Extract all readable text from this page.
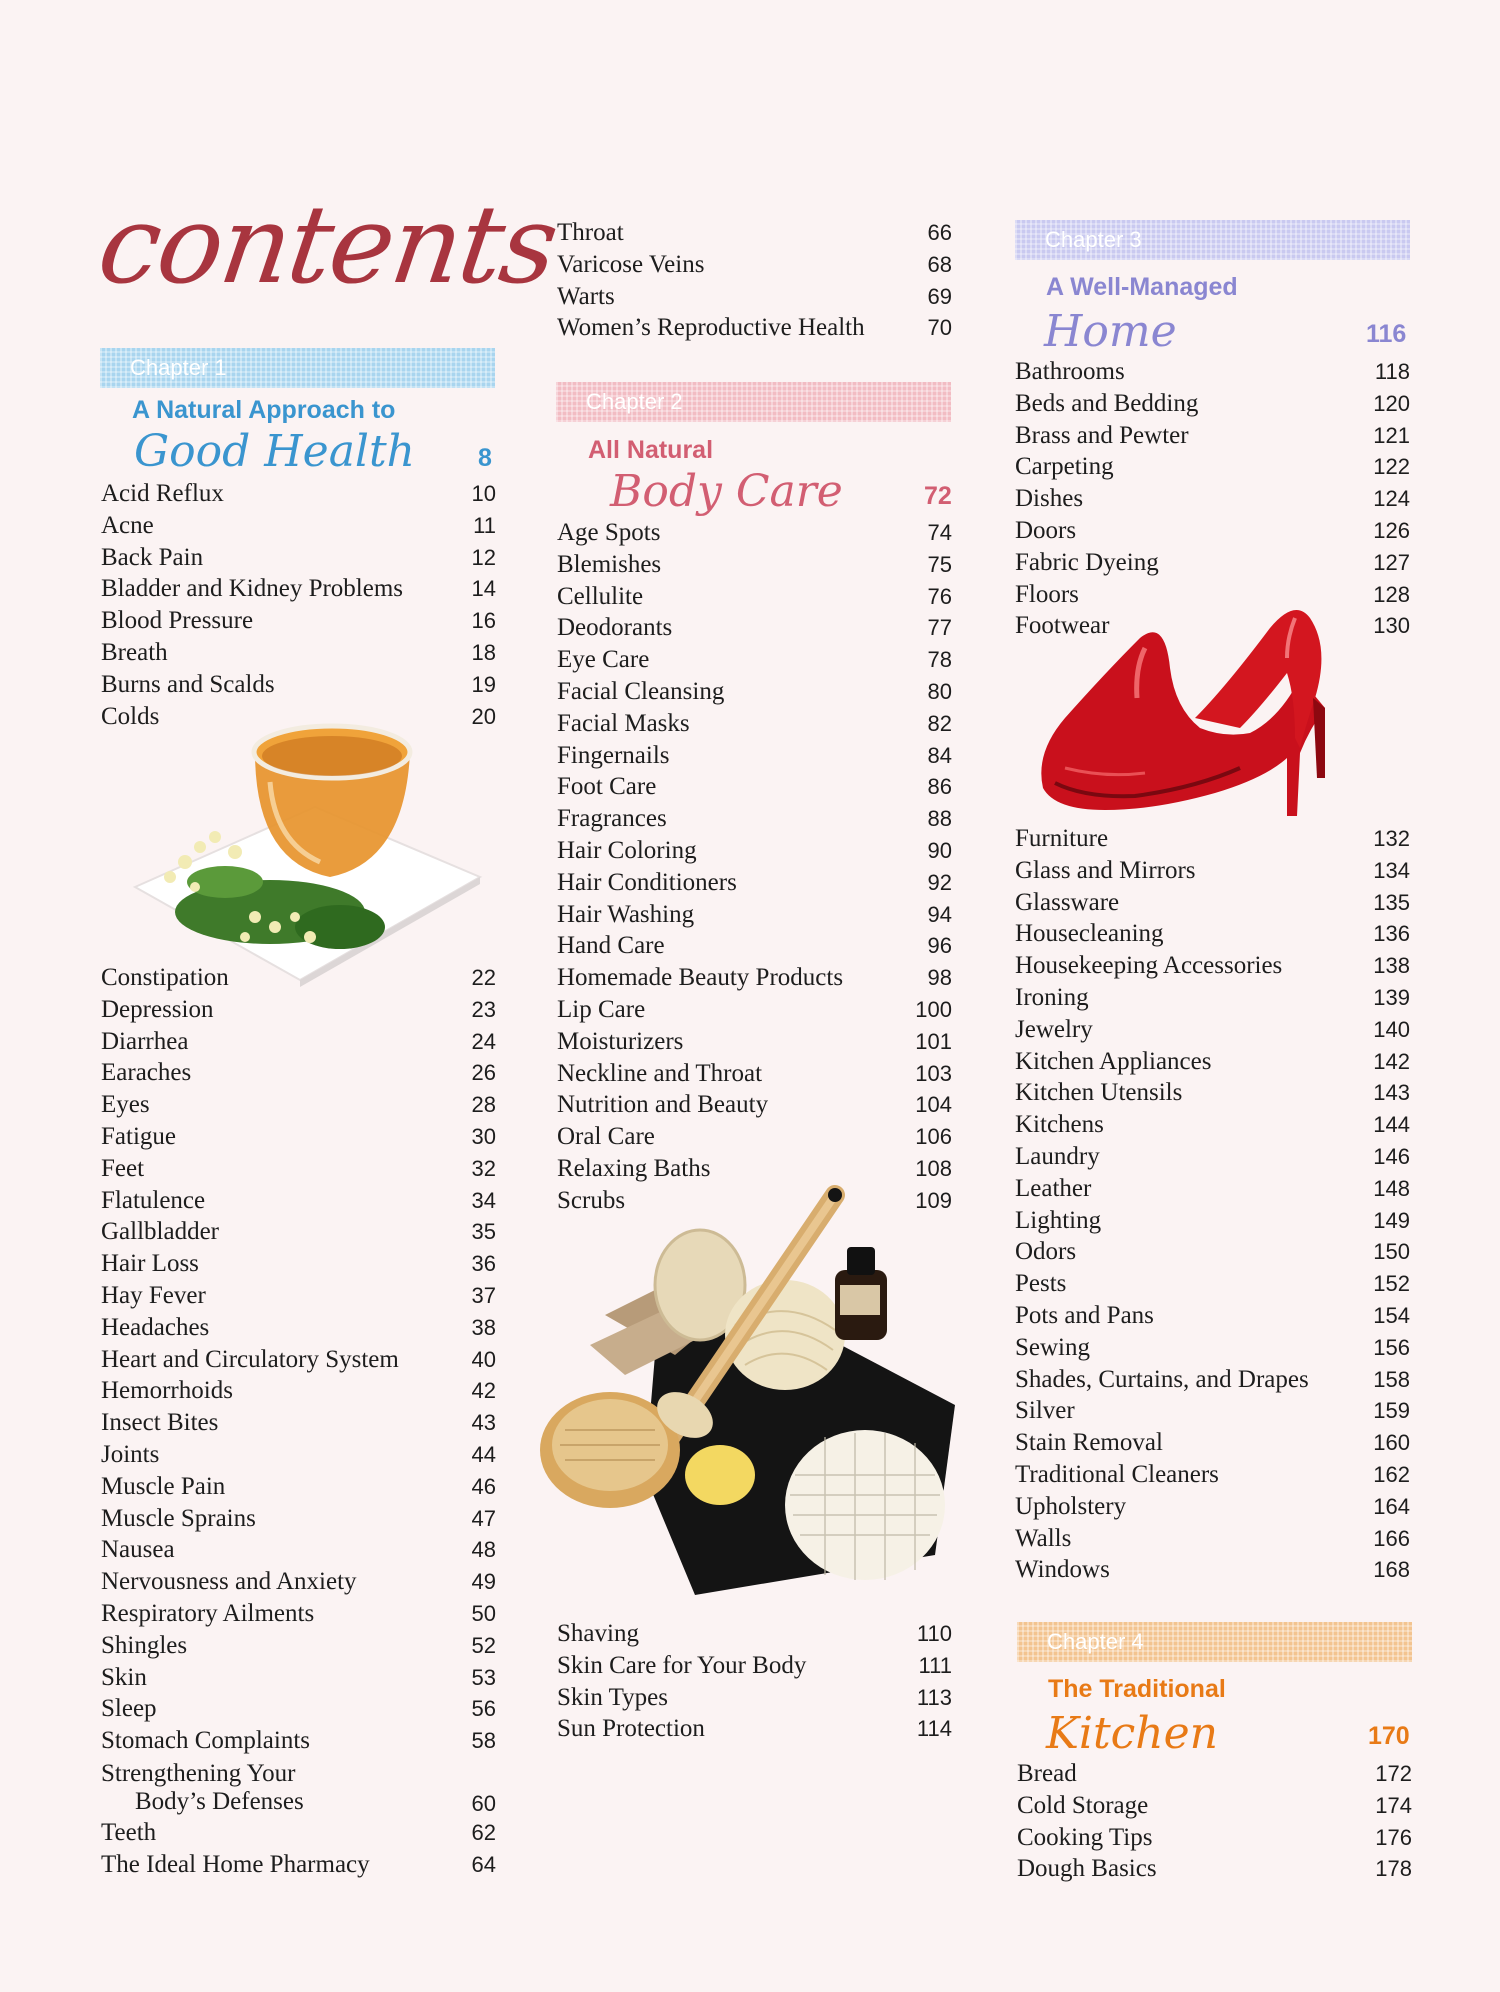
contents
Chapter 1
A Natural Approach to
Good Health	8
Acid Reflux	10
Acne	11
Back Pain	12
Bladder and Kidney Problems	14
Blood Pressure	16
Breath	18
Burns and Scalds	19
Colds	20
Constipation	22
Depression	23
Diarrhea	24
Earaches	26
Eyes	28
Fatigue	30
Feet	32
Flatulence	34
Gallbladder	35
Hair Loss	36
Hay Fever	37
Headaches	38
Heart and Circulatory System	40
Hemorrhoids	42
Insect Bites	43
Joints	44
Muscle Pain	46
Muscle Sprains	47
Nausea	48
Nervousness and Anxiety	49
Respiratory Ailments	50
Shingles	52
Skin	53
Sleep	56
Stomach Complaints	58
Strengthening Your
Body’s Defenses	60
Teeth	62
The Ideal Home Pharmacy	64
Throat	66
Varicose Veins	68
Warts	69
Women’s Reproductive Health	70
Chapter 2
All Natural
Body Care	72
Age Spots	74
Blemishes	75
Cellulite	76
Deodorants	77
Eye Care	78
Facial Cleansing	80
Facial Masks	82
Fingernails	84
Foot Care	86
Fragrances	88
Hair Coloring	90
Hair Conditioners	92
Hair Washing	94
Hand Care	96
Homemade Beauty Products	98
Lip Care	100
Moisturizers	101
Neckline and Throat	103
Nutrition and Beauty	104
Oral Care	106
Relaxing Baths	108
Scrubs	109
Shaving	110
Skin Care for Your Body	111
Skin Types	113
Sun Protection	114
Chapter 3
A Well-Managed
Home	116
Bathrooms	118
Beds and Bedding	120
Brass and Pewter	121
Carpeting	122
Dishes	124
Doors	126
Fabric Dyeing	127
Floors	128
Footwear	130
Furniture	132
Glass and Mirrors	134
Glassware	135
Housecleaning	136
Housekeeping Accessories	138
Ironing	139
Jewelry	140
Kitchen Appliances	142
Kitchen Utensils	143
Kitchens	144
Laundry	146
Leather	148
Lighting	149
Odors	150
Pests	152
Pots and Pans	154
Sewing	156
Shades, Curtains, and Drapes	158
Silver	159
Stain Removal	160
Traditional Cleaners	162
Upholstery	164
Walls	166
Windows	168
Chapter 4
The Traditional
Kitchen	170
Bread	172
Cold Storage	174
Cooking Tips	176
Dough Basics	178
